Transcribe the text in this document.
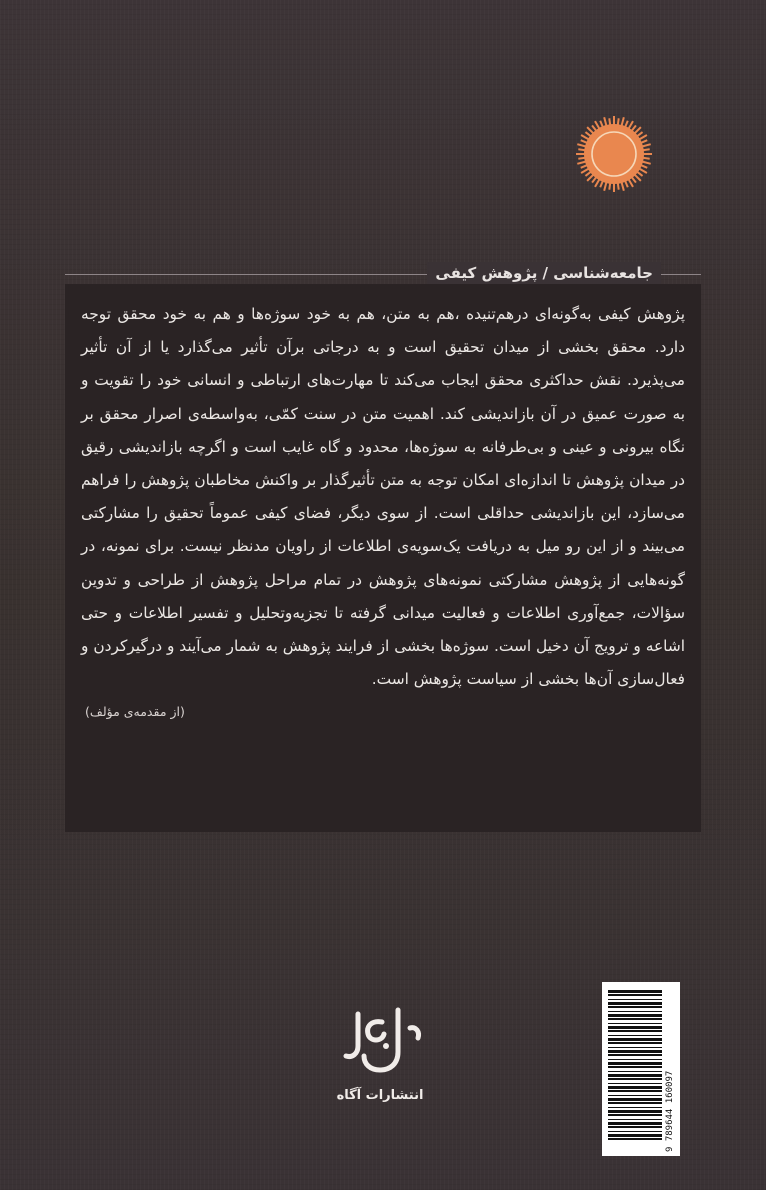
جامعه‌شناسی / پژوهش کیفی

پژوهش کیفی به‌گونه‌ای درهم‌تنیده ،هم به متن، هم به خود سوژه‌ها و هم به خود محقق توجه دارد. محقق بخشی از میدان تحقیق است و به درجاتی برآن تأثیر می‌گذارد یا از آن تأثیر می‌پذیرد. نقش حداکثری محقق ایجاب می‌کند تا مهارت‌های ارتباطی و انسانی خود را تقویت و به صورت عمیق در آن بازاندیشی کند. اهمیت متن در سنت کمّی، به‌واسطه‌ی اصرار محقق بر نگاه بیرونی و عینی و بی‌طرفانه به سوژه‌ها، محدود و گاه غایب است و اگرچه بازاندیشی رقیق در میدان پژوهش تا اندازه‌ای امکان توجه به متن تأثیرگذار بر واکنش مخاطبان پژوهش را فراهم می‌سازد، این بازاندیشی حداقلی است. از سوی دیگر، فضای کیفی عموماً تحقیق را مشارکتی می‌بیند و از این رو میل به دریافت یک‌سویه‌ی اطلاعات از راویان مدنظر نیست. برای نمونه، در گونه‌هایی از پژوهش مشارکتی نمونه‌های پژوهش در تمام مراحل پژوهش از طراحی و تدوین سؤالات، جمع‌آوری اطلاعات و فعالیت میدانی گرفته تا تجزیه‌وتحلیل و تفسیر اطلاعات و حتی اشاعه و ترویج آن دخیل است. سوژه‌ها بخشی از فرایند پژوهش به شمار می‌آیند و درگیرکردن و فعال‌سازی آن‌ها بخشی از سیاست پژوهش است.

(از مقدمه‌ی مؤلف)
انتشارات آگاه	9 789644 160097
